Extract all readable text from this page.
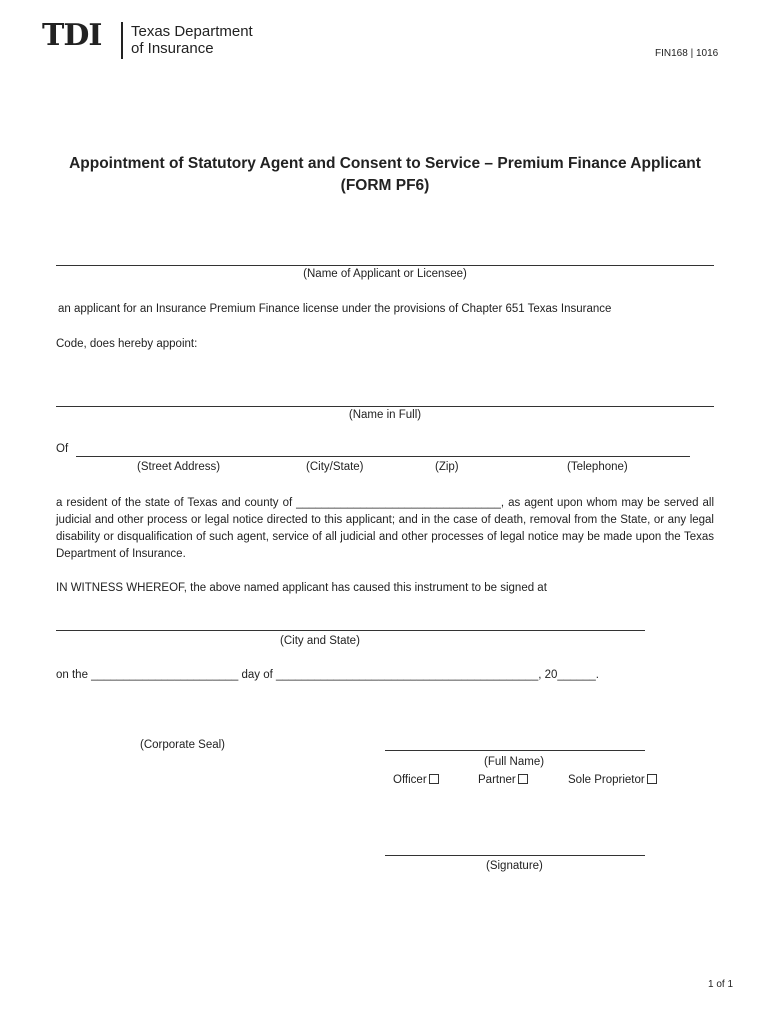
TDI Texas Department
of Insurance	FIN168 | 1016
Appointment of Statutory Agent and Consent to Service – Premium Finance Applicant
(FORM PF6)
(Name of Applicant or Licensee)
an applicant for an Insurance Premium Finance license under the provisions of Chapter 651 Texas Insurance
Code, does hereby appoint:
(Name in Full)
Of
(Street Address)	(City/State)	(Zip)	(Telephone)
a resident of the state of Texas and county of ________________________________, as agent upon whom may be served all judicial and other process or legal notice directed to this applicant; and in the case of death, removal from the State, or any legal disability or disqualification of such agent, service of all judicial and other processes of legal notice may be made upon the Texas Department of Insurance.
IN WITNESS WHEREOF, the above named applicant has caused this instrument to be signed at
(City and State)
on the _______________________ day of _________________________________________, 20______.
(Corporate Seal)
(Full Name)
Officer	Partner	Sole Proprietor
(Signature)
1 of 1
